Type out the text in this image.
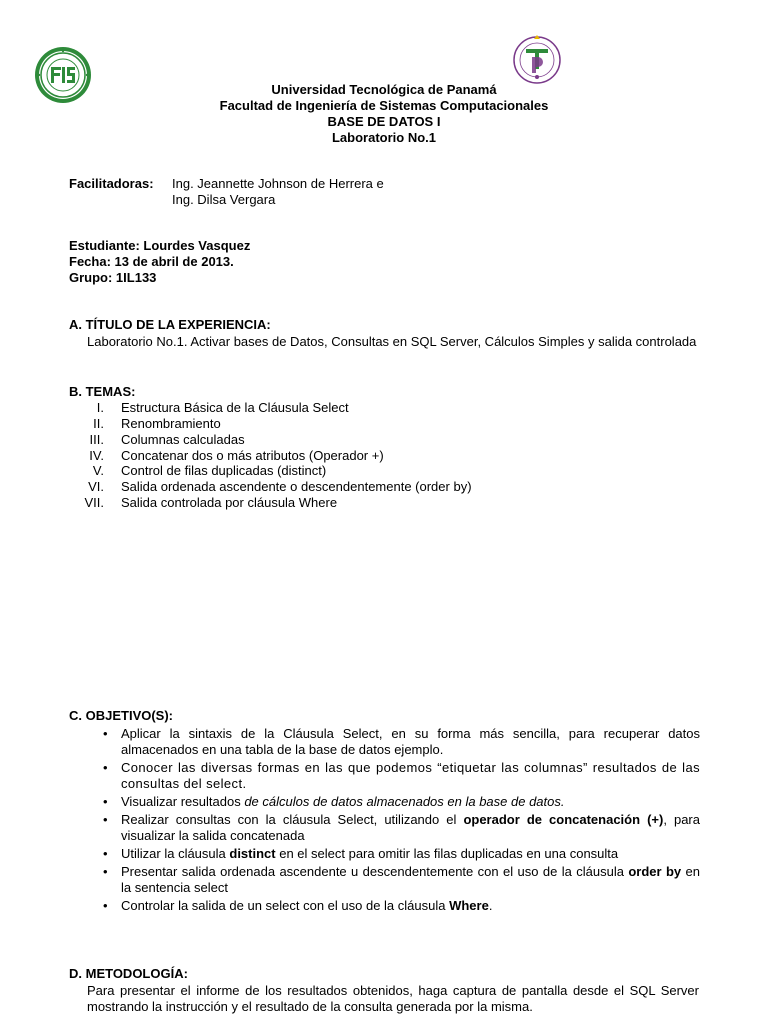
Universidad Tecnológica de Panamá
Facultad de Ingeniería de Sistemas Computacionales
BASE DE DATOS I
Laboratorio No.1
Facilitadoras: Ing. Jeannette Johnson de Herrera e
Ing. Dilsa Vergara
Estudiante: Lourdes Vasquez
Fecha: 13 de abril de 2013.
Grupo: 1IL133
A. TÍTULO DE LA EXPERIENCIA:
Laboratorio No.1. Activar bases de Datos, Consultas en SQL Server, Cálculos Simples y salida controlada
B. TEMAS:
I. Estructura Básica de la Cláusula Select
II. Renombramiento
III. Columnas calculadas
IV. Concatenar dos o más atributos (Operador +)
V. Control de filas duplicadas (distinct)
VI. Salida ordenada ascendente o descendentemente (order by)
VII. Salida controlada por cláusula Where
C. OBJETIVO(S):
• Aplicar la sintaxis de la Cláusula Select, en su forma más sencilla, para recuperar datos almacenados en una tabla de la base de datos ejemplo.
• Conocer las diversas formas en las que podemos “etiquetar las columnas” resultados de las consultas del select.
• Visualizar resultados de cálculos de datos almacenados en la base de datos.
• Realizar consultas con la cláusula Select, utilizando el operador de concatenación (+), para visualizar la salida concatenada
• Utilizar la cláusula distinct en el select para omitir las filas duplicadas en una consulta
• Presentar salida ordenada ascendente u descendentemente con el uso de la cláusula order by en la sentencia select
• Controlar la salida de un select con el uso de la cláusula Where.
D. METODOLOGÍA:
Para presentar el informe de los resultados obtenidos, haga captura de pantalla desde el SQL Server mostrando la instrucción y el resultado de la consulta generada por la misma.
